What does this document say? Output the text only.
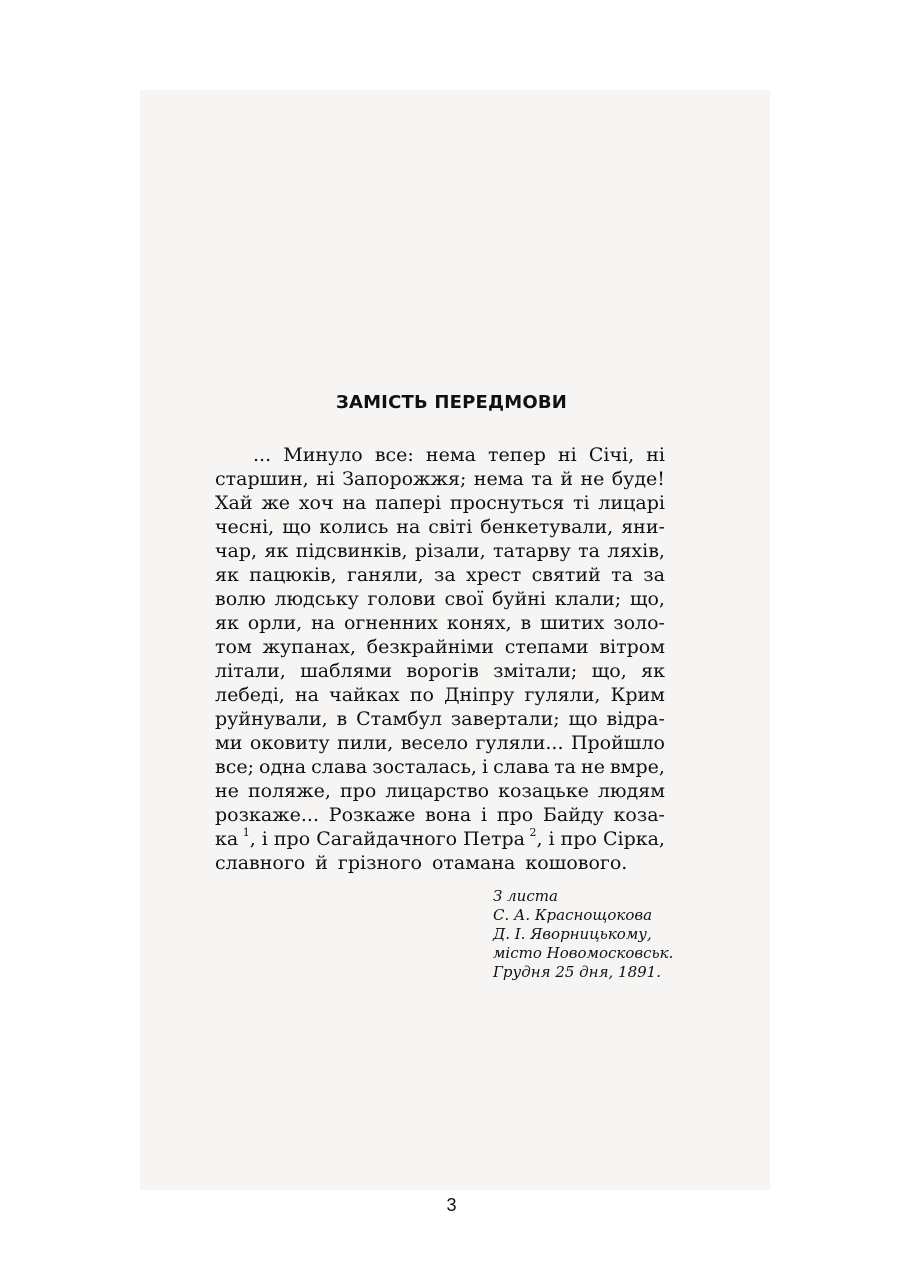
ЗАМІСТЬ ПЕРЕДМОВИ
... Минуло все: нема тепер ні Січі, ні
старшин, ні Запорожжя; нема та й не буде!
Хай же хоч на папері проснуться ті лицарі
чесні, що колись на світі бенкетували, яни-
чар, як підсвинків, різали, татарву та ляхів,
як пацюків, ганяли, за хрест святий та за
волю людську голови свої буйні клали; що,
як орли, на огненних конях, в шитих золо-
том жупанах, безкрайніми степами вітром
літали, шаблями ворогів змітали; що, як
лебеді, на чайках по Дніпру гуляли, Крим
руйнували, в Стамбул завертали; що відра-
ми оковиту пили, весело гуляли... Пройшло
все; одна слава зосталась, і слава та не вмре,
не поляже, про лицарство козацьке людям
розкаже... Розкаже вона і про Байду коза-
ка $^1$, і про Сагайдачного Петра $^2$, і про Сірка,
славного й грізного отамана кошового.
З листа
С. А. Краснощокова
Д. І. Яворницькому,
місто Новомосковськ.
Грудня 25 дня, 1891.
3
